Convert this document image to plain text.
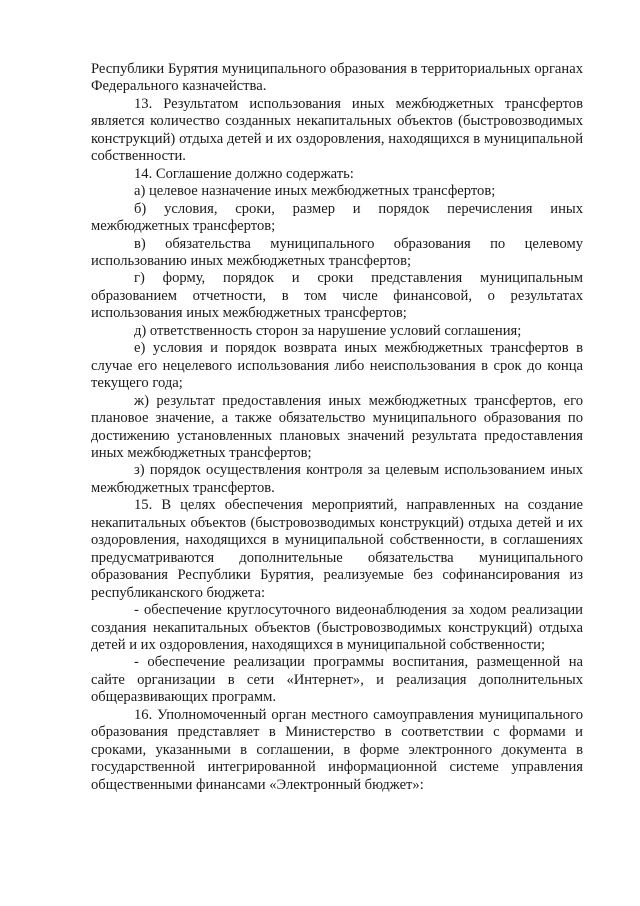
Республики Бурятия муниципального образования в территориальных органах Федерального казначейства.

13. Результатом использования иных межбюджетных трансфертов является количество созданных некапитальных объектов (быстровозводимых конструкций) отдыха детей и их оздоровления, находящихся в муниципальной собственности.

14. Соглашение должно содержать:

а) целевое назначение иных межбюджетных трансфертов;

б) условия, сроки, размер и порядок перечисления иных межбюджетных трансфертов;

в) обязательства муниципального образования по целевому использованию иных межбюджетных трансфертов;

г) форму, порядок и сроки представления муниципальным образованием отчетности, в том числе финансовой, о результатах использования иных межбюджетных трансфертов;

д) ответственность сторон за нарушение условий соглашения;

е) условия и порядок возврата иных межбюджетных трансфертов в случае его нецелевого использования либо неиспользования в срок до конца текущего года;

ж) результат предоставления иных межбюджетных трансфертов, его плановое значение, а также обязательство муниципального образования по достижению установленных плановых значений результата предоставления иных межбюджетных трансфертов;

з) порядок осуществления контроля за целевым использованием иных межбюджетных трансфертов.

15. В целях обеспечения мероприятий, направленных на создание некапитальных объектов (быстровозводимых конструкций) отдыха детей и их оздоровления, находящихся в муниципальной собственности, в соглашениях предусматриваются дополнительные обязательства муниципального образования Республики Бурятия, реализуемые без софинансирования из республиканского бюджета:

- обеспечение круглосуточного видеонаблюдения за ходом реализации создания некапитальных объектов (быстровозводимых конструкций) отдыха детей и их оздоровления, находящихся в муниципальной собственности;

- обеспечение реализации программы воспитания, размещенной на сайте организации в сети «Интернет», и реализация дополнительных общеразвивающих программ.

16. Уполномоченный орган местного самоуправления муниципального образования представляет в Министерство в соответствии с формами и сроками, указанными в соглашении, в форме электронного документа в государственной интегрированной информационной системе управления общественными финансами «Электронный бюджет»:
